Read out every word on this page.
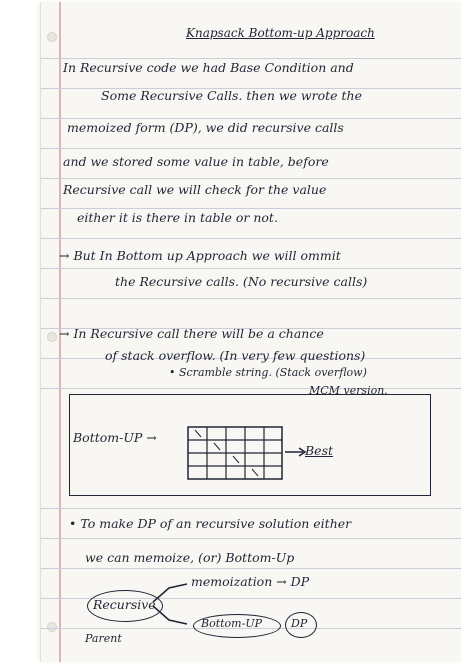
Knapsack Bottom-up Approach
In Recursive code we had Base Condition and
Some Recursive Calls. then we wrote the
memoized form (DP), we did recursive calls
and we stored some value in table, before
Recursive call we will check for the value
either it is there in table or not.
→ But In Bottom up Approach we will ommit
the Recursive calls. (No recursive calls)
→ In Recursive call there will be a chance
of stack overflow. (In very few questions)
• Scramble string. (Stack overflow)
MCM version.
Bottom-UP →
Best
• To make DP of an recursive solution either
we can memoize, (or) Bottom-Up
Recursive
Parent
memoization → DP
Bottom-UP	DP
